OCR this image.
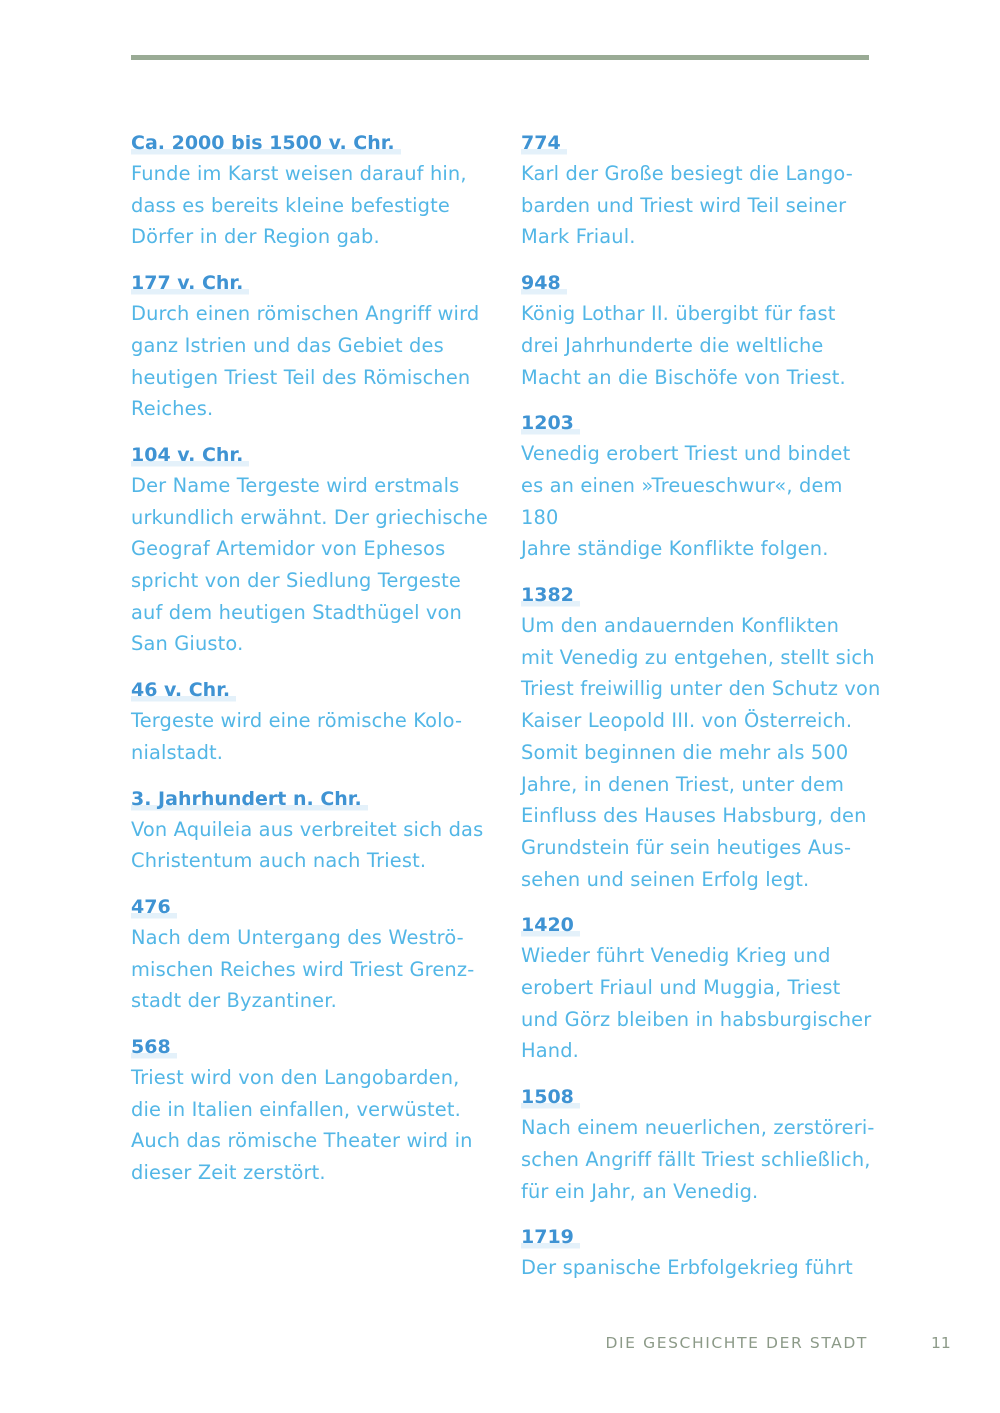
Ca. 2000 bis 1500 v. Chr.
Funde im Karst weisen darauf hin,
dass es bereits kleine befestigte
Dörfer in der Region gab.
177 v. Chr.
Durch einen römischen Angriff wird
ganz Istrien und das Gebiet des
heutigen Triest Teil des Römischen
Reiches.
104 v. Chr.
Der Name Tergeste wird erstmals
urkundlich erwähnt. Der griechische
Geograf Artemidor von Ephesos
spricht von der Siedlung Tergeste
auf dem heutigen Stadthügel von
San Giusto.
46 v. Chr.
Tergeste wird eine römische Kolo-
nialstadt.
3. Jahrhundert n. Chr.
Von Aquileia aus verbreitet sich das
Christentum auch nach Triest.
476
Nach dem Untergang des Weströ-
mischen Reiches wird Triest Grenz-
stadt der Byzantiner.
568
Triest wird von den Langobarden,
die in Italien einfallen, verwüstet.
Auch das römische Theater wird in
dieser Zeit zerstört.
774
Karl der Große besiegt die Lango-
barden und Triest wird Teil seiner
Mark Friaul.
948
König Lothar II. übergibt für fast
drei Jahrhunderte die weltliche
Macht an die Bischöfe von Triest.
1203
Venedig erobert Triest und bindet
es an einen »Treueschwur«, dem 180
Jahre ständige Konflikte folgen.
1382
Um den andauernden Konflikten
mit Venedig zu entgehen, stellt sich
Triest freiwillig unter den Schutz von
Kaiser Leopold III. von Österreich.
Somit beginnen die mehr als 500
Jahre, in denen Triest, unter dem
Einfluss des Hauses Habsburg, den
Grundstein für sein heutiges Aus-
sehen und seinen Erfolg legt.
1420
Wieder führt Venedig Krieg und
erobert Friaul und Muggia, Triest
und Görz bleiben in habsburgischer
Hand.
1508
Nach einem neuerlichen, zerstöreri-
schen Angriff fällt Triest schließlich,
für ein Jahr, an Venedig.
1719
Der spanische Erbfolgekrieg führt
DIE GESCHICHTE DER STADT	11
